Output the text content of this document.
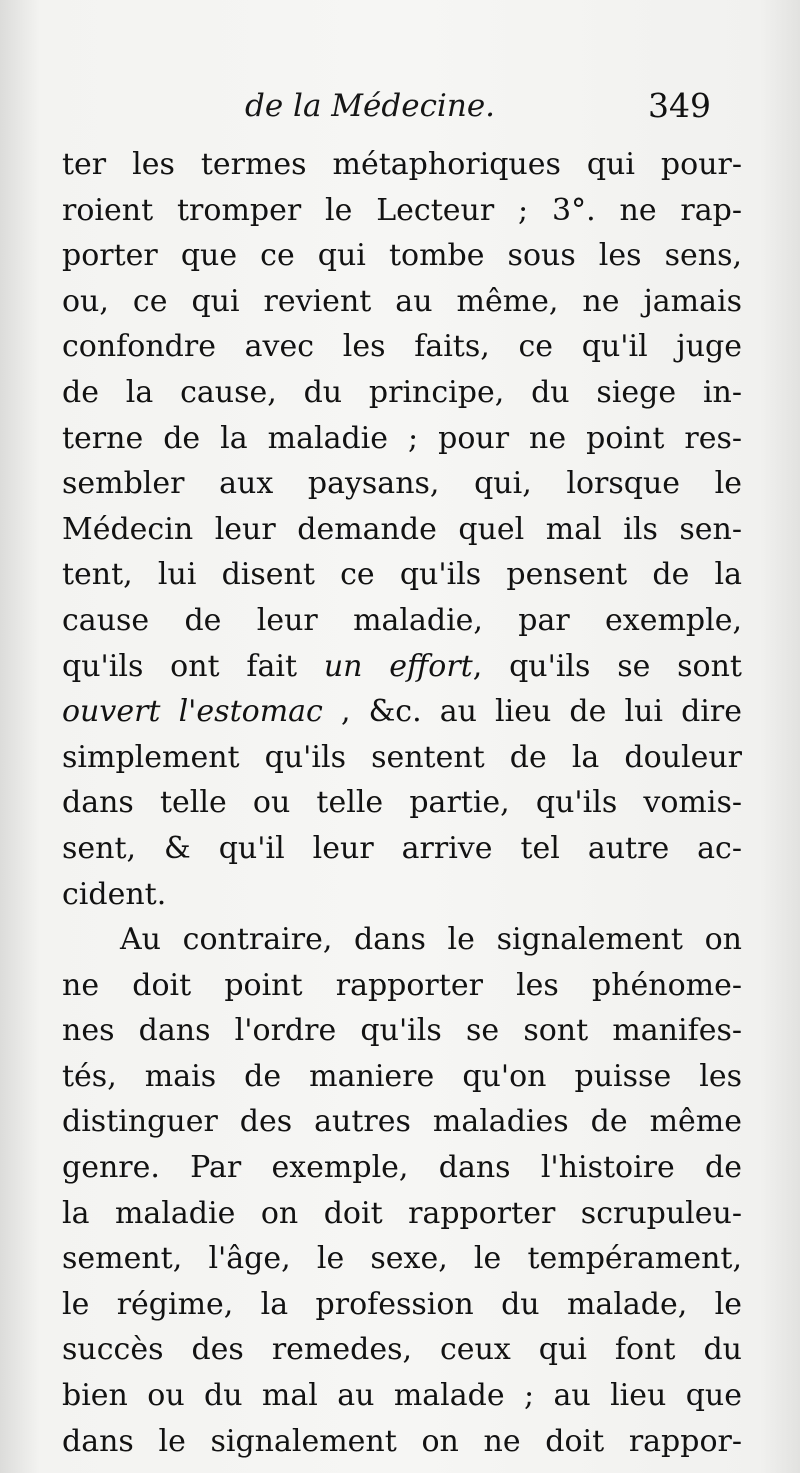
de la Médecine.	349
ter les termes métaphoriques qui pour-
roient tromper le Lecteur ; 3°. ne rap-
porter que ce qui tombe sous les sens,
ou, ce qui revient au même, ne jamais
confondre avec les faits, ce qu'il juge
de la cause, du principe, du siege in-
terne de la maladie ; pour ne point res-
sembler aux paysans, qui, lorsque le
Médecin leur demande quel mal ils sen-
tent, lui disent ce qu'ils pensent de la
cause de leur maladie, par exemple,
qu'ils ont fait un effort, qu'ils se sont
ouvert l'estomac , &c. au lieu de lui dire
simplement qu'ils sentent de la douleur
dans telle ou telle partie, qu'ils vomis-
sent, & qu'il leur arrive tel autre ac-
cident.
Au contraire, dans le signalement on
ne doit point rapporter les phénome-
nes dans l'ordre qu'ils se sont manifes-
tés, mais de maniere qu'on puisse les
distinguer des autres maladies de même
genre. Par exemple, dans l'histoire de
la maladie on doit rapporter scrupuleu-
sement, l'âge, le sexe, le tempérament,
le régime, la profession du malade, le
succès des remedes, ceux qui font du
bien ou du mal au malade ; au lieu que
dans le signalement on ne doit rappor-
